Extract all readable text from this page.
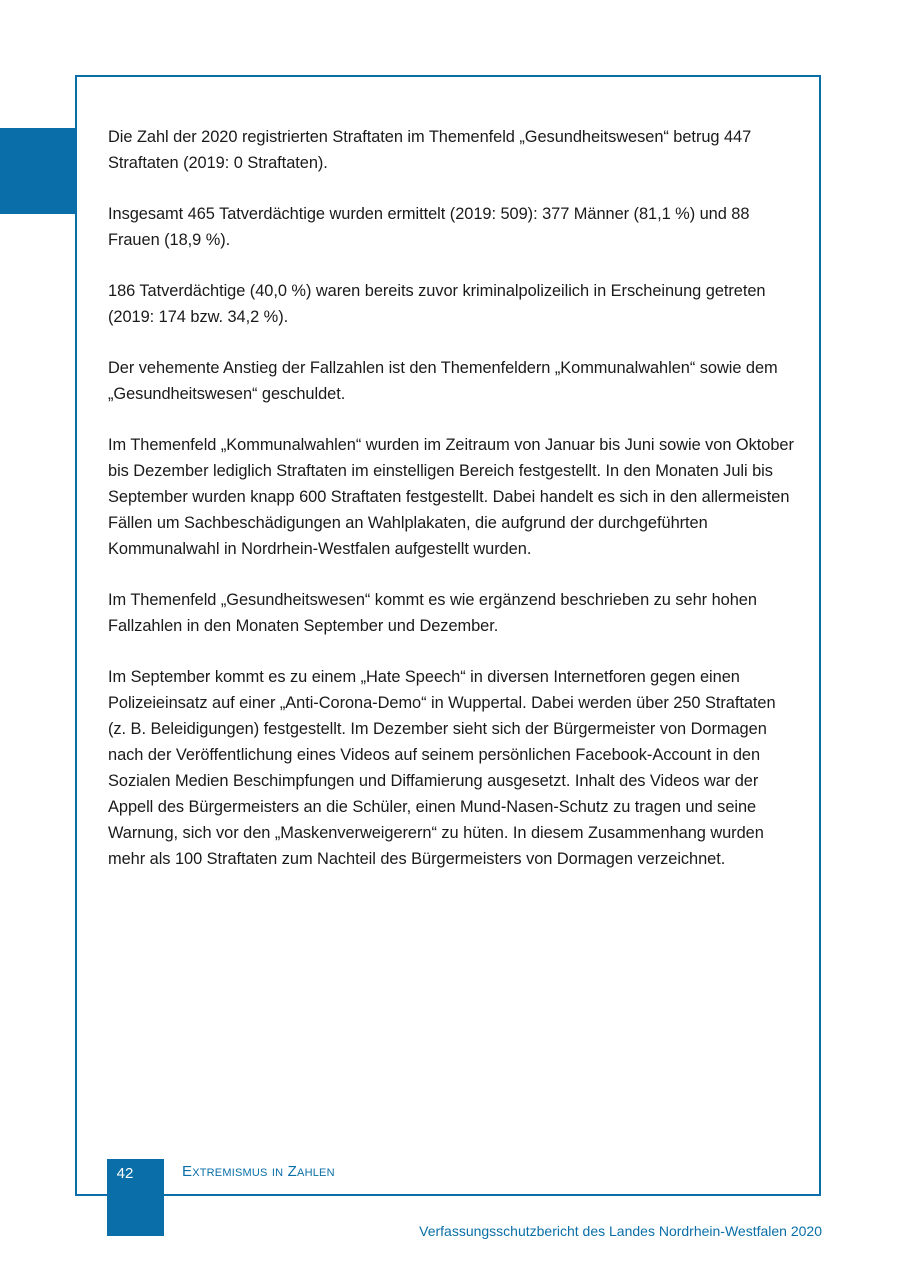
Die Zahl der 2020 registrierten Straftaten im Themenfeld „Gesundheitswesen“ betrug 447 Straftaten (2019: 0 Straftaten).

Insgesamt 465 Tatverdächtige wurden ermittelt (2019: 509): 377 Männer (81,1 %) und 88 Frauen (18,9 %).

186 Tatverdächtige (40,0 %) waren bereits zuvor kriminalpolizeilich in Erscheinung getreten (2019: 174 bzw. 34,2 %).

Der vehemente Anstieg der Fallzahlen ist den Themenfeldern „Kommunalwahlen“ sowie dem „Gesundheitswesen“ geschuldet.

Im Themenfeld „Kommunalwahlen“ wurden im Zeitraum von Januar bis Juni sowie von Oktober bis Dezember lediglich Straftaten im einstelligen Bereich festgestellt. In den Monaten Juli bis September wurden knapp 600 Straftaten festgestellt. Dabei handelt es sich in den allermeisten Fällen um Sachbeschädigungen an Wahlplakaten, die aufgrund der durchgeführten Kommunalwahl in Nordrhein-Westfalen aufgestellt wurden.

Im Themenfeld „Gesundheitswesen“ kommt es wie ergänzend beschrieben zu sehr hohen Fallzahlen in den Monaten September und Dezember.

Im September kommt es zu einem „Hate Speech“ in diversen Internetforen gegen einen Polizeieinsatz auf einer „Anti-Corona-Demo“ in Wuppertal. Dabei werden über 250 Straftaten (z. B. Beleidigungen) festgestellt. Im Dezember sieht sich der Bürgermeister von Dormagen nach der Veröffentlichung eines Videos auf seinem persönlichen Facebook-Account in den Sozialen Medien Beschimpfungen und Diffamierung ausgesetzt. Inhalt des Videos war der Appell des Bürgermeisters an die Schüler, einen Mund-Nasen-Schutz zu tragen und seine Warnung, sich vor den „Maskenverweigerern“ zu hüten. In diesem Zusammenhang wurden mehr als 100 Straftaten zum Nachteil des Bürgermeisters von Dormagen verzeichnet.

42	Extremismus in Zahlen
Verfassungsschutzbericht des Landes Nordrhein-Westfalen 2020
